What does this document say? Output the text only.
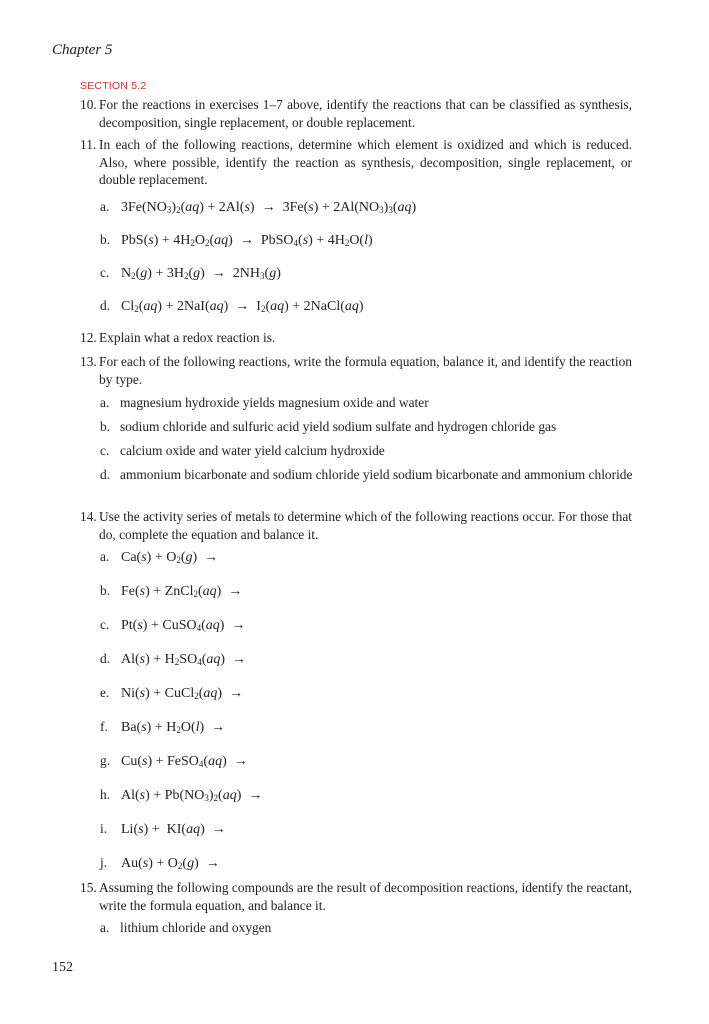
Chapter 5
SECTION 5.2
10. For the reactions in exercises 1–7 above, identify the reactions that can be classified as synthesis, decomposition, single replacement, or double replacement.
11. In each of the following reactions, determine which element is oxidized and which is reduced. Also, where possible, identify the reaction as synthesis, decomposition, single replacement, or double replacement.
a. $3Fe(NO_3)_2(aq) + 2Al(s) \to 3Fe(s) + 2Al(NO_3)_3(aq)$
b. $PbS(s) + 4H_2O_2(aq)$  →  PbSO$_4$(s) + $4H_2O(l)$
c. $N_2(g) + 3H_2(g) \to 2NH_3(g)$
d. $Cl_2(aq) + 2NaI(aq) \to I_2(aq)$ + 2NaCl(aq)
12. Explain what a redox reaction is.
13. For each of the following reactions, write the formula equation, balance it, and identify the reaction by type.
a. magnesium hydroxide yields magnesium oxide and water
b. sodium chloride and sulfuric acid yield sodium sulfate and hydrogen chloride gas
c. calcium oxide and water yield calcium hydroxide
d. ammonium bicarbonate and sodium chloride yield sodium bicarbonate and ammonium chloride
14. Use the activity series of metals to determine which of the following reactions occur. For those that do, complete the equation and balance it.
a. $Ca(s) + O_2(g)$  →
b. Fe(s) + ZnCl$_2$(aq)  →
c. Pt(s) + CuSO$_4$(aq)  →
d. $Al(s) + H_2SO_4(aq)$  →
e. Ni(s) + CuCl$_2$(aq)  →
f. $Ba(s) + H_2O(l)$  →
g. Cu(s) + FeSO$_4$(aq)  →
h. $Al(s) + Pb(NO_3)_2(aq)$  →
i. Li(s) +  KI(aq)  →
j. $Au(s) + O_2(g)$  →
15. Assuming the following compounds are the result of decomposition reactions, identify the reactant, write the formula equation, and balance it.
a. lithium chloride and oxygen
152
